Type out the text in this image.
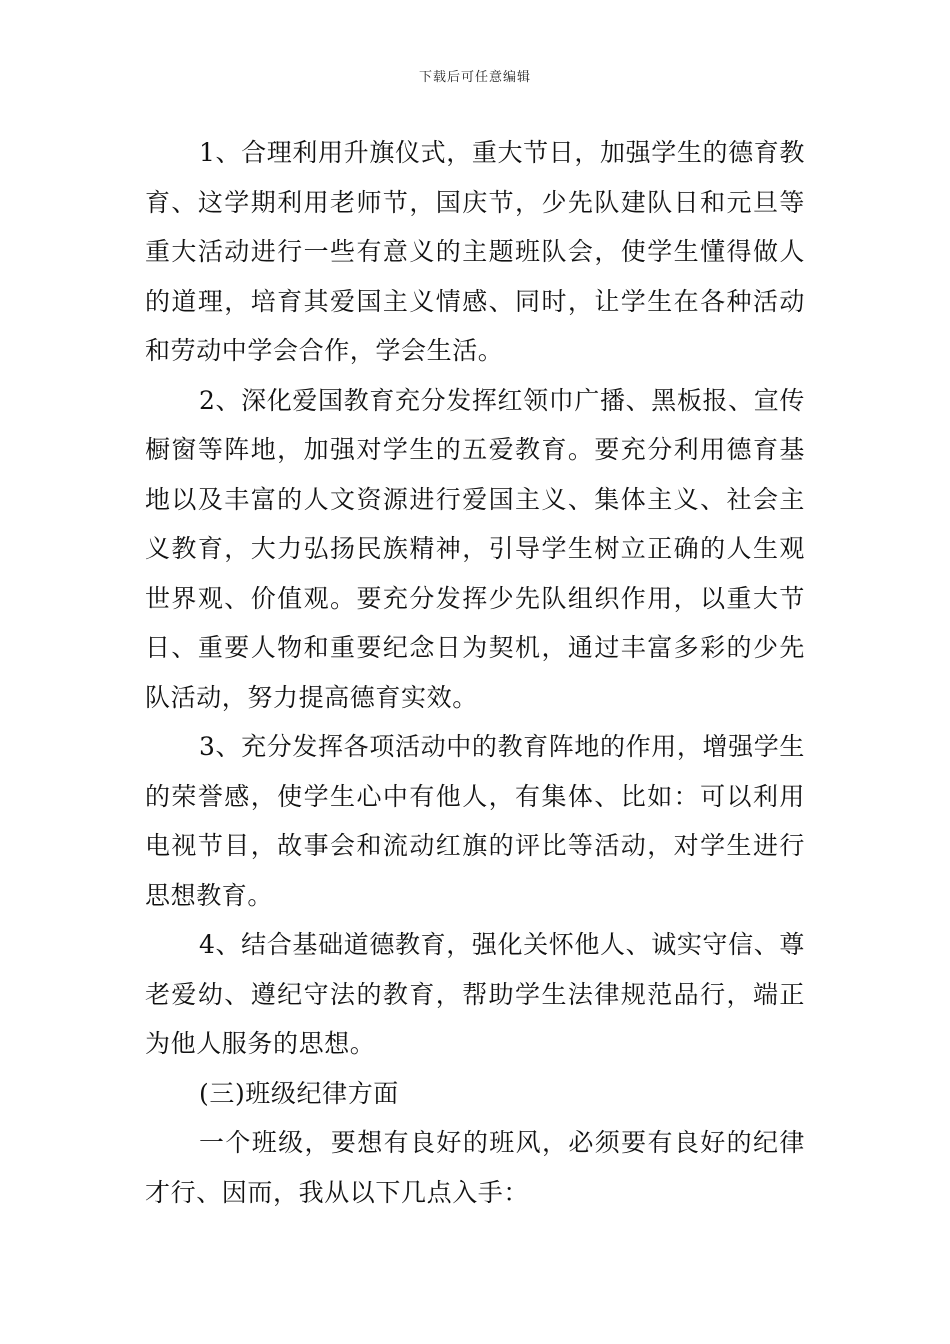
下载后可任意编辑

1、合理利用升旗仪式，重大节日，加强学生的德育教育、这学期利用老师节，国庆节，少先队建队日和元旦等重大活动进行一些有意义的主题班队会，使学生懂得做人的道理，培育其爱国主义情感、同时，让学生在各种活动和劳动中学会合作，学会生活。

2、深化爱国教育充分发挥红领巾广播、黑板报、宣传橱窗等阵地，加强对学生的五爱教育。要充分利用德育基地以及丰富的人文资源进行爱国主义、集体主义、社会主义教育，大力弘扬民族精神，引导学生树立正确的人生观世界观、价值观。要充分发挥少先队组织作用，以重大节日、重要人物和重要纪念日为契机，通过丰富多彩的少先队活动，努力提高德育实效。

3、充分发挥各项活动中的教育阵地的作用，增强学生的荣誉感，使学生心中有他人，有集体、比如：可以利用电视节目，故事会和流动红旗的评比等活动，对学生进行思想教育。

4、结合基础道德教育，强化关怀他人、诚实守信、尊老爱幼、遵纪守法的教育，帮助学生法律规范品行，端正为他人服务的思想。

(三)班级纪律方面

一个班级，要想有良好的班风，必须要有良好的纪律才行、因而，我从以下几点入手：
